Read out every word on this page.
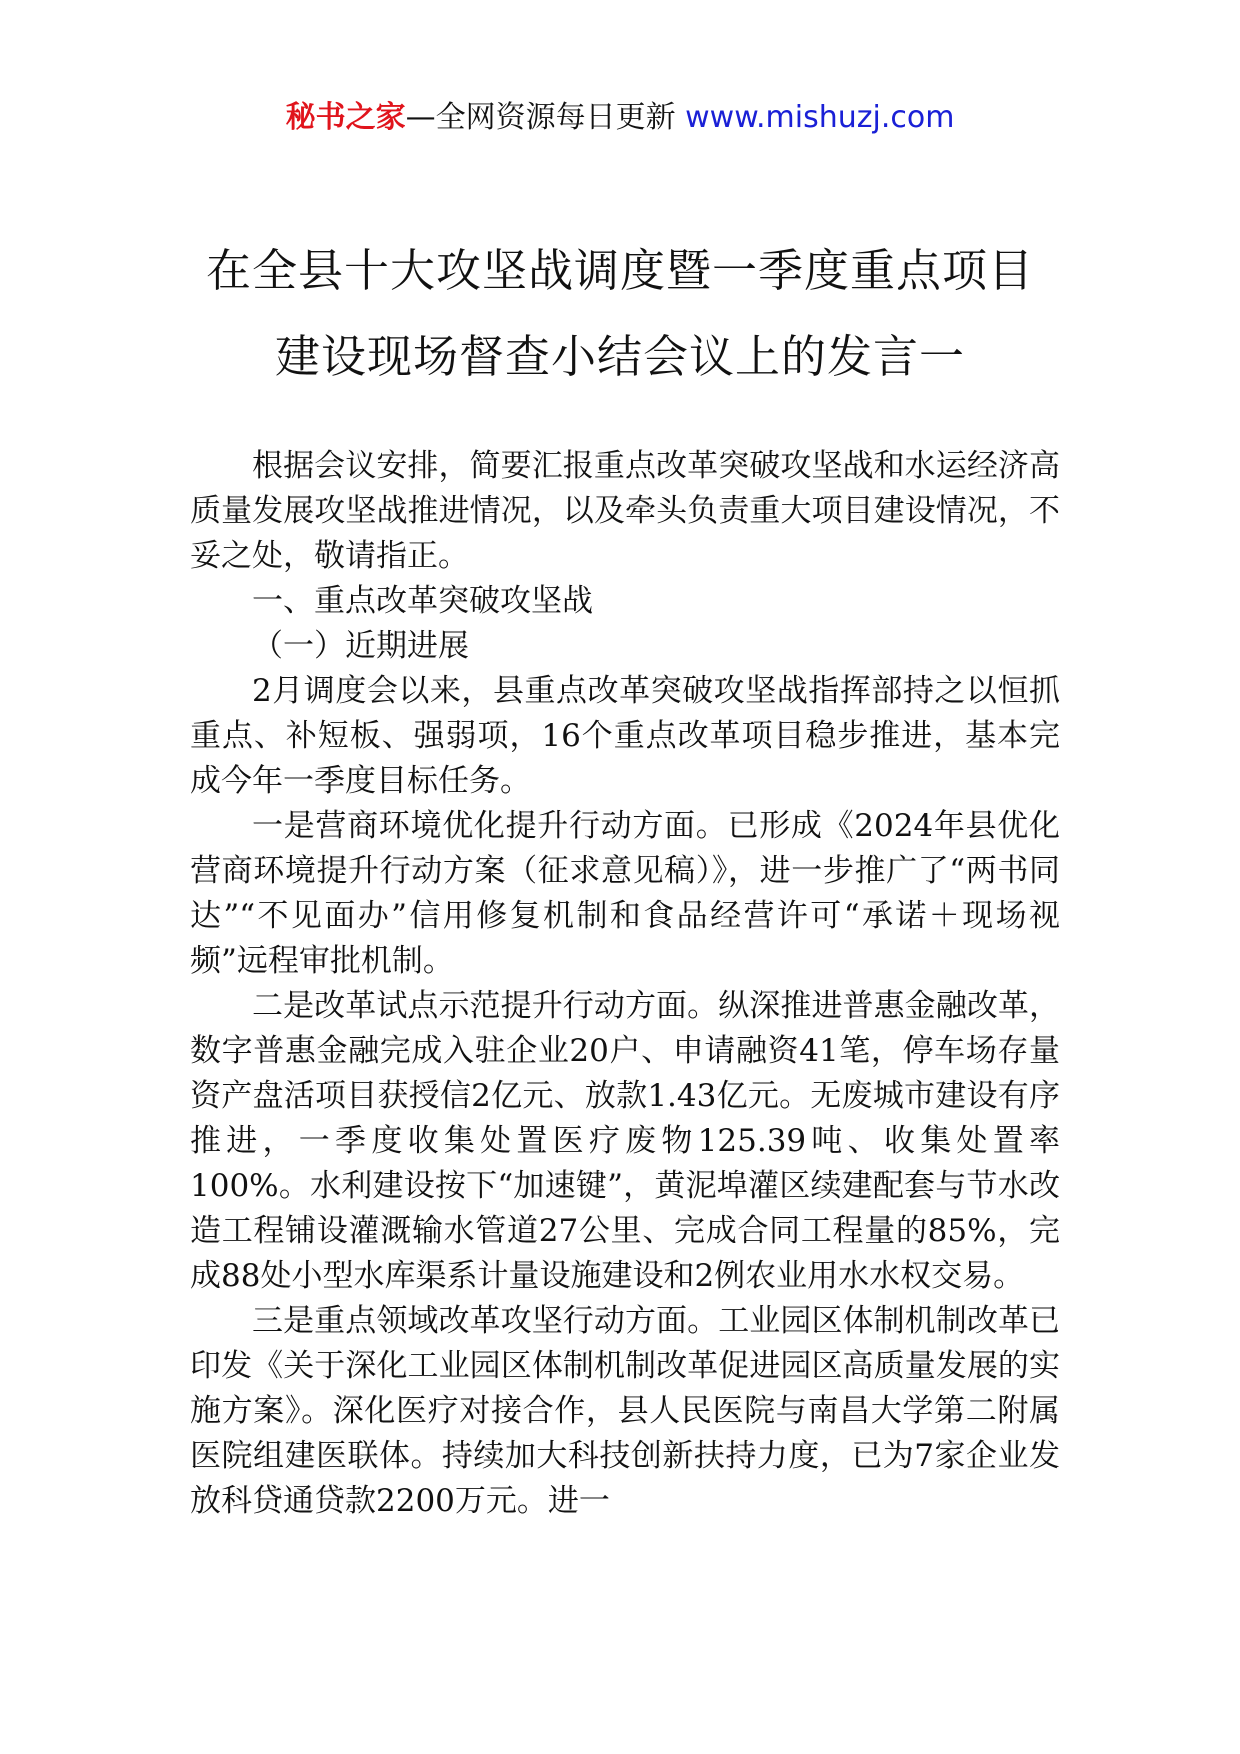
秘书之家—全网资源每日更新 www.mishuzj.com
在全县十大攻坚战调度暨一季度重点项目
建设现场督查小结会议上的发言一

根据会议安排，简要汇报重点改革突破攻坚战和水运经济高质量发展攻坚战推进情况，以及牵头负责重大项目建设情况，不妥之处，敬请指正。

一、重点改革突破攻坚战

（一）近期进展

2月调度会以来，县重点改革突破攻坚战指挥部持之以恒抓重点、补短板、强弱项，16个重点改革项目稳步推进，基本完成今年一季度目标任务。

一是营商环境优化提升行动方面。已形成《2024年县优化营商环境提升行动方案（征求意见稿）》，进一步推广了“两书同达”“不见面办”信用修复机制和食品经营许可“承诺＋现场视频”远程审批机制。

二是改革试点示范提升行动方面。纵深推进普惠金融改革，数字普惠金融完成入驻企业20户、申请融资41笔，停车场存量资产盘活项目获授信2亿元、放款1.43亿元。无废城市建设有序推进，一季度收集处置医疗废物125.39吨、收集处置率100%。水利建设按下“加速键”，黄泥埠灌区续建配套与节水改造工程铺设灌溉输水管道27公里、完成合同工程量的85%，完成88处小型水库渠系计量设施建设和2例农业用水水权交易。

三是重点领域改革攻坚行动方面。工业园区体制机制改革已印发《关于深化工业园区体制机制改革促进园区高质量发展的实施方案》。深化医疗对接合作，县人民医院与南昌大学第二附属医院组建医联体。持续加大科技创新扶持力度，已为7家企业发放科贷通贷款2200万元。进一
